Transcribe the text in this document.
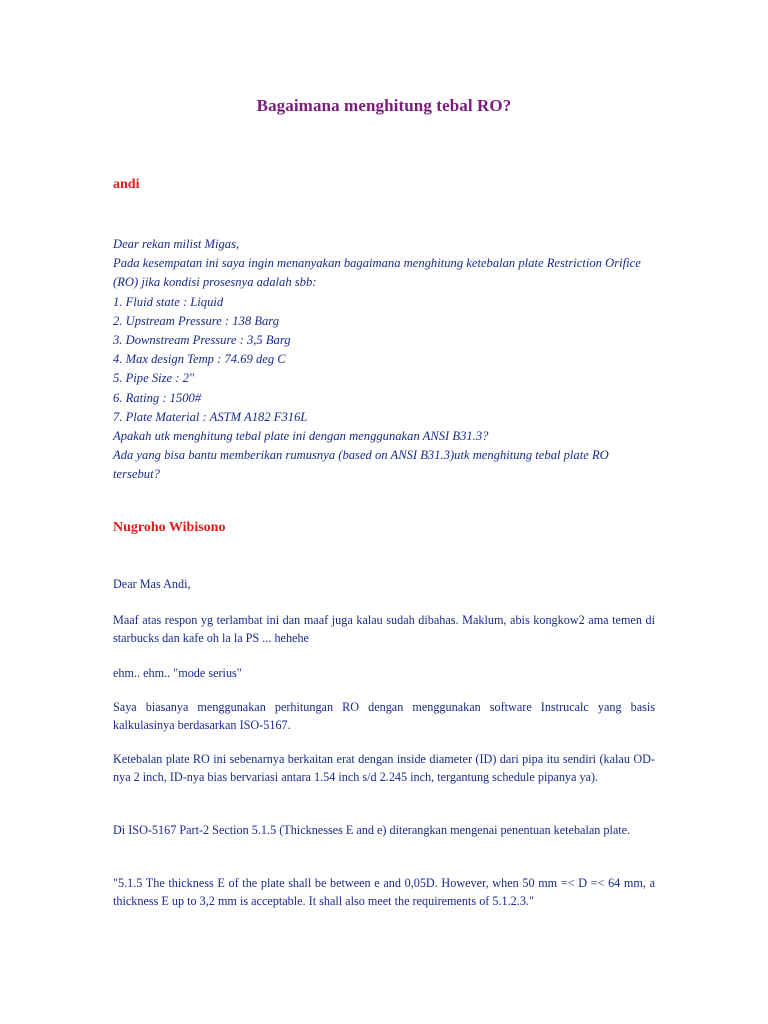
Bagaimana menghitung tebal RO?
andi
Dear rekan milist Migas,
Pada kesempatan ini saya ingin menanyakan bagaimana menghitung ketebalan plate Restriction Orifice (RO) jika kondisi prosesnya adalah sbb:
1. Fluid state : Liquid
2. Upstream Pressure : 138 Barg
3. Downstream Pressure : 3,5 Barg
4. Max design Temp : 74.69 deg C
5. Pipe Size : 2"
6. Rating : 1500#
7. Plate Material : ASTM A182 F316L
Apakah utk menghitung tebal plate ini dengan menggunakan ANSI B31.3?
Ada yang bisa bantu memberikan rumusnya (based on ANSI B31.3)utk menghitung tebal plate RO tersebut?
Nugroho Wibisono
Dear Mas Andi,
Maaf atas respon yg terlambat ini dan maaf juga kalau sudah dibahas. Maklum, abis kongkow2 ama temen di starbucks dan kafe oh la la PS ... hehehe
ehm.. ehm.. "mode serius"
Saya biasanya menggunakan perhitungan RO dengan menggunakan software Instrucalc yang basis kalkulasinya berdasarkan ISO-5167.
Ketebalan plate RO ini sebenarnya berkaitan erat dengan inside diameter (ID) dari pipa itu sendiri (kalau OD-nya 2 inch, ID-nya bias bervariasi antara 1.54 inch s/d 2.245 inch, tergantung schedule pipanya ya).
Di ISO-5167 Part-2 Section 5.1.5 (Thicknesses E and e) diterangkan mengenai penentuan ketebalan plate.
"5.1.5 The thickness E of the plate shall be between e and 0,05D. However, when 50 mm =< D =< 64 mm, a thickness E up to 3,2 mm is acceptable. It shall also meet the requirements of 5.1.2.3."
